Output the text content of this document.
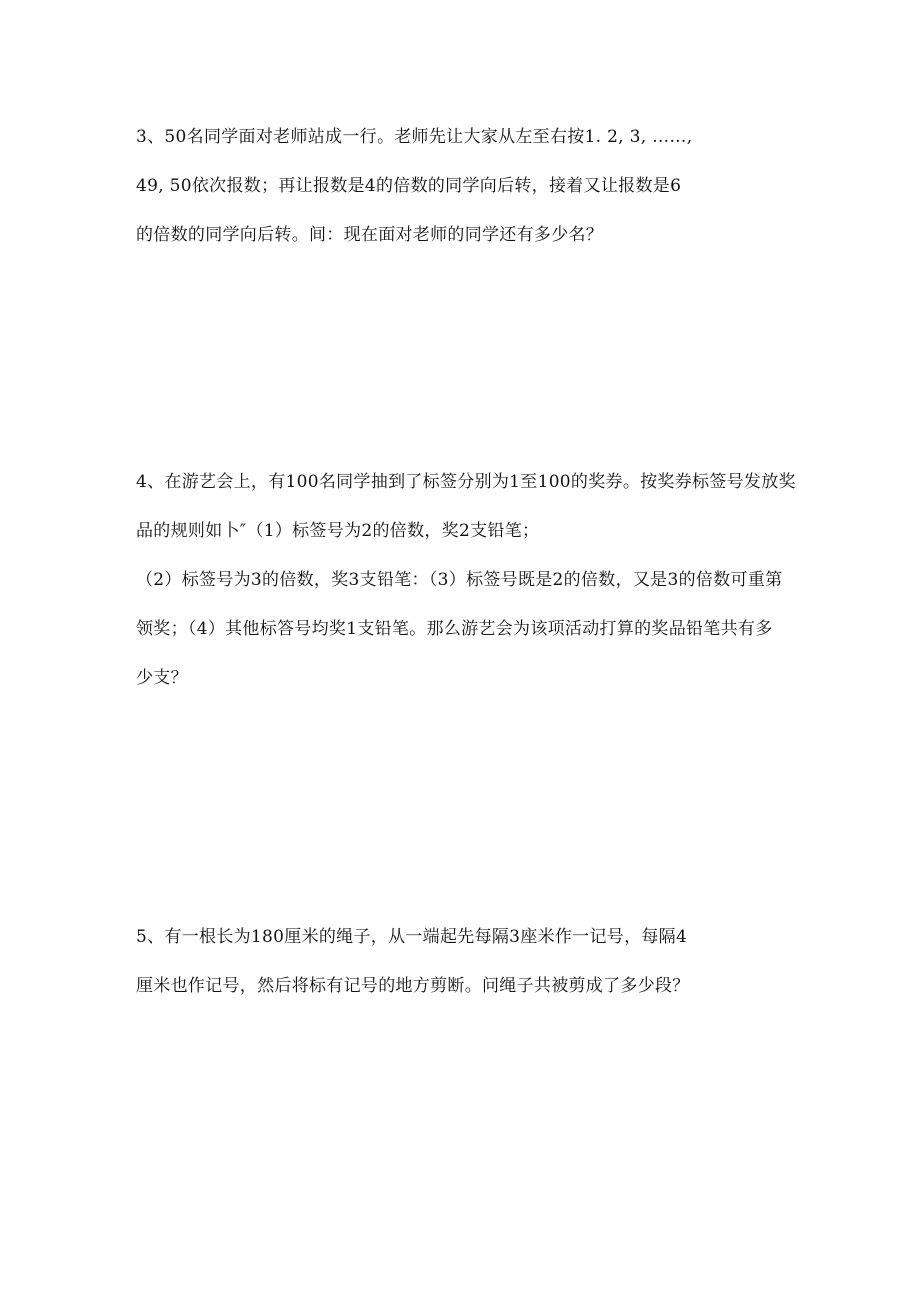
3、50名同学面对老师站成一行。老师先让大家从左至右按1. 2, 3, ……,
49, 50依次报数；再让报数是4的倍数的同学向后转，接着又让报数是6
的倍数的同学向后转。间：现在面对老师的同学还有多少名？
4、在游艺会上，有100名同学抽到了标签分别为1至100的奖券。按奖券标签号发放奖
品的规则如卜″（1）标签号为2的倍数，奖2支铅笔；
（2）标签号为3的倍数，奖3支铅笔：（3）标签号既是2的倍数，又是3的倍数可重第
领奖；（4）其他标答号均奖1支铅笔。那么游艺会为该项活动打算的奖品铅笔共有多
少支？
5、有一根长为180厘米的绳子，从一端起先每隔3座米作一记号，每隔4
厘米也作记号，然后将标有记号的地方剪断。问绳子共被剪成了多少段？
